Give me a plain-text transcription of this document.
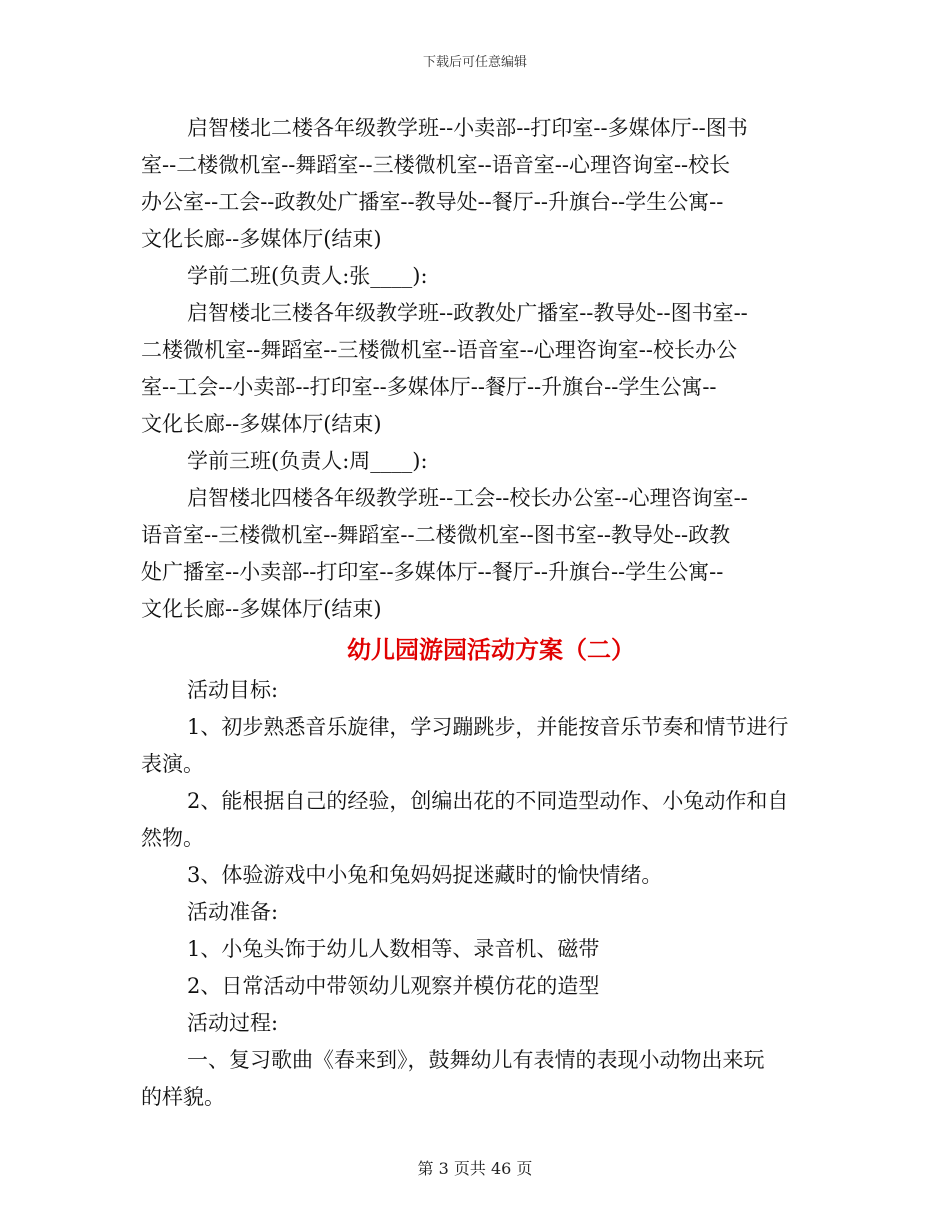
下载后可任意编辑
启智楼北二楼各年级教学班--小卖部--打印室--多媒体厅--图书
室--二楼微机室--舞蹈室--三楼微机室--语音室--心理咨询室--校长
办公室--工会--政教处广播室--教导处--餐厅--升旗台--学生公寓--
文化长廊--多媒体厅(结束)
学前二班(负责人:张____):
启智楼北三楼各年级教学班--政教处广播室--教导处--图书室--
二楼微机室--舞蹈室--三楼微机室--语音室--心理咨询室--校长办公
室--工会--小卖部--打印室--多媒体厅--餐厅--升旗台--学生公寓--
文化长廊--多媒体厅(结束)
学前三班(负责人:周____):
启智楼北四楼各年级教学班--工会--校长办公室--心理咨询室--
语音室--三楼微机室--舞蹈室--二楼微机室--图书室--教导处--政教
处广播室--小卖部--打印室--多媒体厅--餐厅--升旗台--学生公寓--
文化长廊--多媒体厅(结束)
幼儿园游园活动方案（二）
活动目标:
1、初步熟悉音乐旋律，学习蹦跳步，并能按音乐节奏和情节进行
表演。
2、能根据自己的经验，创编出花的不同造型动作、小兔动作和自
然物。
3、体验游戏中小兔和兔妈妈捉迷藏时的愉快情绪。
活动准备:
1、小兔头饰于幼儿人数相等、录音机、磁带
2、日常活动中带领幼儿观察并模仿花的造型
活动过程:
一、复习歌曲《春来到》，鼓舞幼儿有表情的表现小动物出来玩
的样貌。
第 3 页共 46 页
